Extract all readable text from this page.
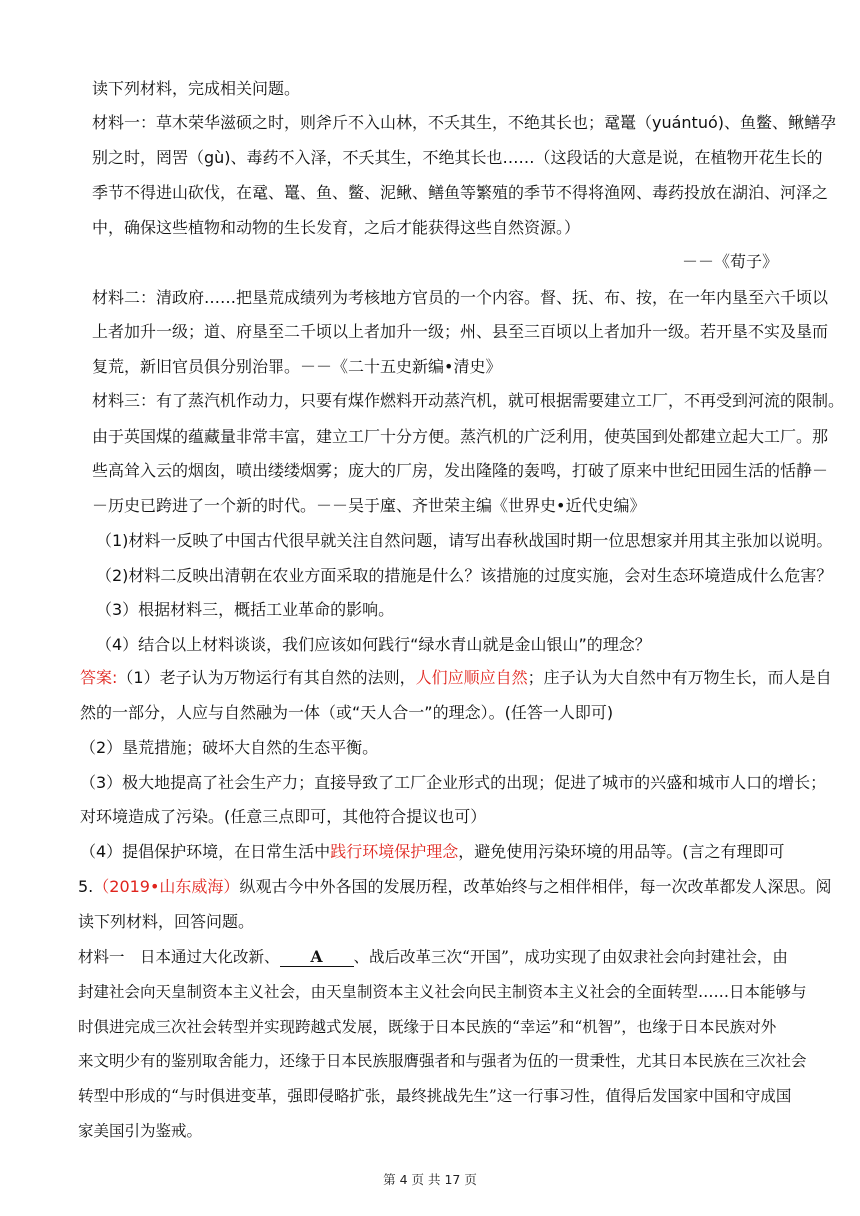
读下列材料，完成相关问题。
材料一：草木荣华滋硕之时，则斧斤不入山林，不夭其生，不绝其长也；鼋鼍（yuántuó)、鱼鳖、鳅鳝孕
别之时，罔罟（gù)、毒药不入泽，不夭其生，不绝其长也……（这段话的大意是说，在植物开花生长的
季节不得进山砍伐，在鼋、鼍、鱼、鳖、泥鳅、鳝鱼等繁殖的季节不得将渔网、毒药投放在湖泊、河泽之
中，确保这些植物和动物的生长发育，之后才能获得这些自然资源。）
－－《荀子》
材料二：清政府……把垦荒成绩列为考核地方官员的一个内容。督、抚、布、按，在一年内垦至六千顷以
上者加升一级；道、府垦至二千顷以上者加升一级；州、县至三百顷以上者加升一级。若开垦不实及垦而
复荒，新旧官员俱分别治罪。－－《二十五史新编•清史》
材料三：有了蒸汽机作动力，只要有煤作燃料开动蒸汽机，就可根据需要建立工厂，不再受到河流的限制。
由于英国煤的蕴藏量非常丰富，建立工厂十分方便。蒸汽机的广泛利用，使英国到处都建立起大工厂。那
些高耸入云的烟囱，喷出缕缕烟雾；庞大的厂房，发出隆隆的轰鸣，打破了原来中世纪田园生活的恬静－
－历史已跨进了一个新的时代。－－吴于廑、齐世荣主编《世界史•近代史编》
（1)材料一反映了中国古代很早就关注自然问题，请写出春秋战国时期一位思想家并用其主张加以说明。
（2)材料二反映出清朝在农业方面采取的措施是什么？该措施的过度实施，会对生态环境造成什么危害？
（3）根据材料三，概括工业革命的影响。
（4）结合以上材料谈谈，我们应该如何践行“绿水青山就是金山银山”的理念？
答案:（1）老子认为万物运行有其自然的法则，人们应顺应自然；庄子认为大自然中有万物生长，而人是自
然的一部分，人应与自然融为一体（或“天人合一”的理念）。(任答一人即可)
（2）垦荒措施；破坏大自然的生态平衡。
（3）极大地提高了社会生产力；直接导致了工厂企业形式的出现；促进了城市的兴盛和城市人口的增长；
对环境造成了污染。(任意三点即可，其他符合提议也可）
（4）提倡保护环境，在日常生活中践行环境保护理念，避免使用污染环境的用品等。(言之有理即可
5.（2019•山东威海）纵观古今中外各国的发展历程，改革始终与之相伴相伴，每一次改革都发人深思。阅
读下列材料，回答问题。
材料一　日本通过大化改新、 A 、战后改革三次“开国”，成功实现了由奴隶社会向封建社会，由
封建社会向天皇制资本主义社会，由天皇制资本主义社会向民主制资本主义社会的全面转型……日本能够与
时俱进完成三次社会转型并实现跨越式发展，既缘于日本民族的“幸运”和“机智”，也缘于日本民族对外
来文明少有的鉴别取舍能力，还缘于日本民族服膺强者和与强者为伍的一贯秉性，尤其日本民族在三次社会
转型中形成的“与时俱进变革，强即侵略扩张，最终挑战先生”这一行事习性，值得后发国家中国和守成国
家美国引为鉴戒。
第 4 页 共 17 页
